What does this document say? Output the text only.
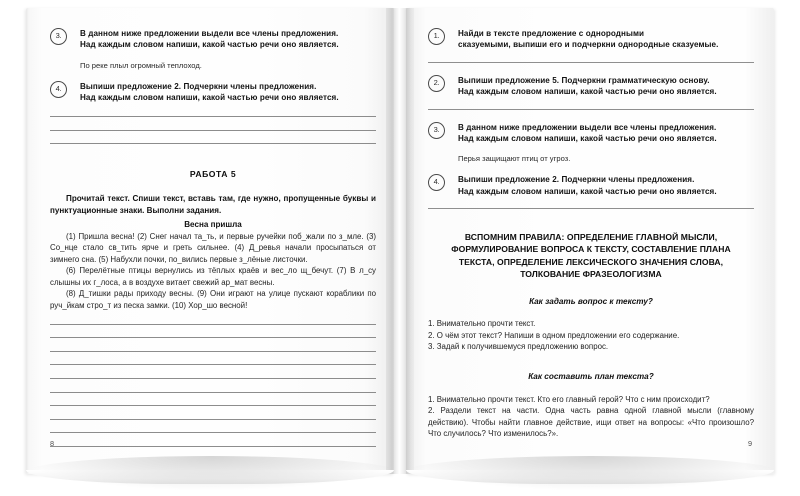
3.	В данном ниже предложении выдели все члены предложения.
Над каждым словом напиши, какой частью речи оно является.
По реке плыл огромный теплоход.
4.	Выпиши предложение 2. Подчеркни члены предложения.
Над каждым словом напиши, какой частью речи оно является.
РАБОТА 5
Прочитай текст. Спиши текст, вставь там, где нужно, пропущенные буквы и пунктуационные знаки. Выполни задания.
Весна пришла

(1) Пришла весна! (2) Снег начал та_ть, и первые ручейки поб_жали по з_мле. (3) Со_нце стало св_тить ярче и греть сильнее. (4) Д_ревья начали просыпаться от зимнего сна. (5) Набухли почки, по_вились первые з_лёные листочки.

(6) Перелётные птицы вернулись из тёплых краёв и вес_ло щ_бечут. (7) В л_су слышны их г_лоса, а в воздухе витает свежий ар_мат весны.

(8) Д_тишки рады приходу весны. (9) Они играют на улице пускают кораблики по руч_йкам стро_т из песка замки. (10) Хор_шо весной!

8
1.	Найди в тексте предложение с однородными
сказуемыми, выпиши его и подчеркни однородные сказуемые.
2.	Выпиши предложение 5. Подчеркни грамматическую основу.
Над каждым словом напиши, какой частью речи оно является.
3.	В данном ниже предложении выдели все члены предложения.
Над каждым словом напиши, какой частью речи оно является.
Перья защищают птиц от угроз.
4.	Выпиши предложение 2. Подчеркни члены предложения.
Над каждым словом напиши, какой частью речи оно является.
ВСПОМНИМ ПРАВИЛА: ОПРЕДЕЛЕНИЕ ГЛАВНОЙ МЫСЛИ,
ФОРМУЛИРОВАНИЕ ВОПРОСА К ТЕКСТУ, СОСТАВЛЕНИЕ ПЛАНА
ТЕКСТА, ОПРЕДЕЛЕНИЕ ЛЕКСИЧЕСКОГО ЗНАЧЕНИЯ СЛОВА,
ТОЛКОВАНИЕ ФРАЗЕОЛОГИЗМА
Как задать вопрос к тексту?

1. Внимательно прочти текст.

2. О чём этот текст? Напиши в одном предложении его содержание.

3. Задай к получившемуся предложению вопрос.

Как составить план текста?

1. Внимательно прочти текст. Кто его главный герой? Что с ним происходит?

2. Раздели текст на части. Одна часть равна одной главной мысли (главному действию). Чтобы найти главное действие, ищи ответ на вопросы: «Что произошло? Что случилось? Что изменилось?».

9
